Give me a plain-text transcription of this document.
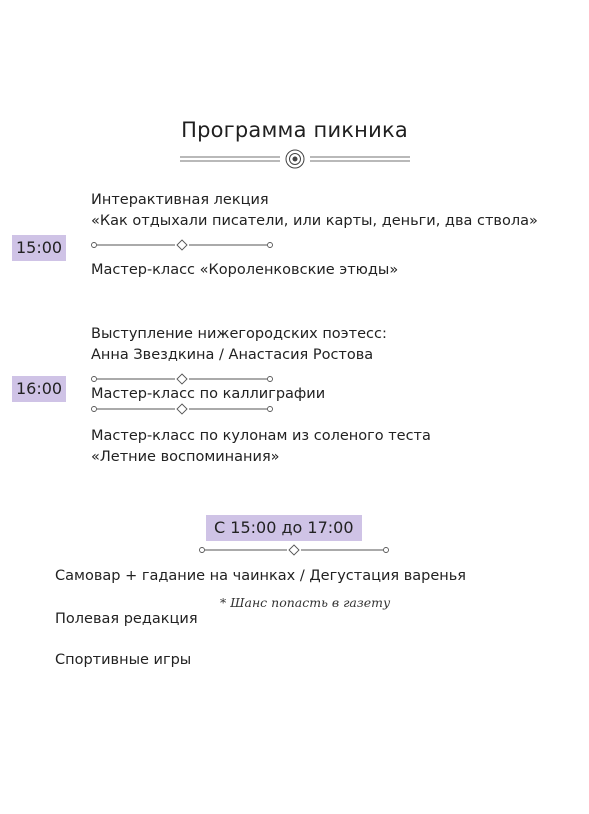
Программа пикника
15:00
Интерактивная лекция
«Как отдыхали писатели, или карты, деньги, два ствола»
Мастер-класс «Короленковские этюды»
16:00
Выступление нижегородских поэтесс:
Анна Звездкина / Анастасия Ростова
Мастер-класс по каллиграфии
Мастер-класс по кулонам из соленого теста
«Летние воспоминания»
С 15:00 до 17:00
Самовар + гадание на чаинках / Дегустация варенья
Полевая редакция
* Шанс попасть в газету
Спортивные игры
